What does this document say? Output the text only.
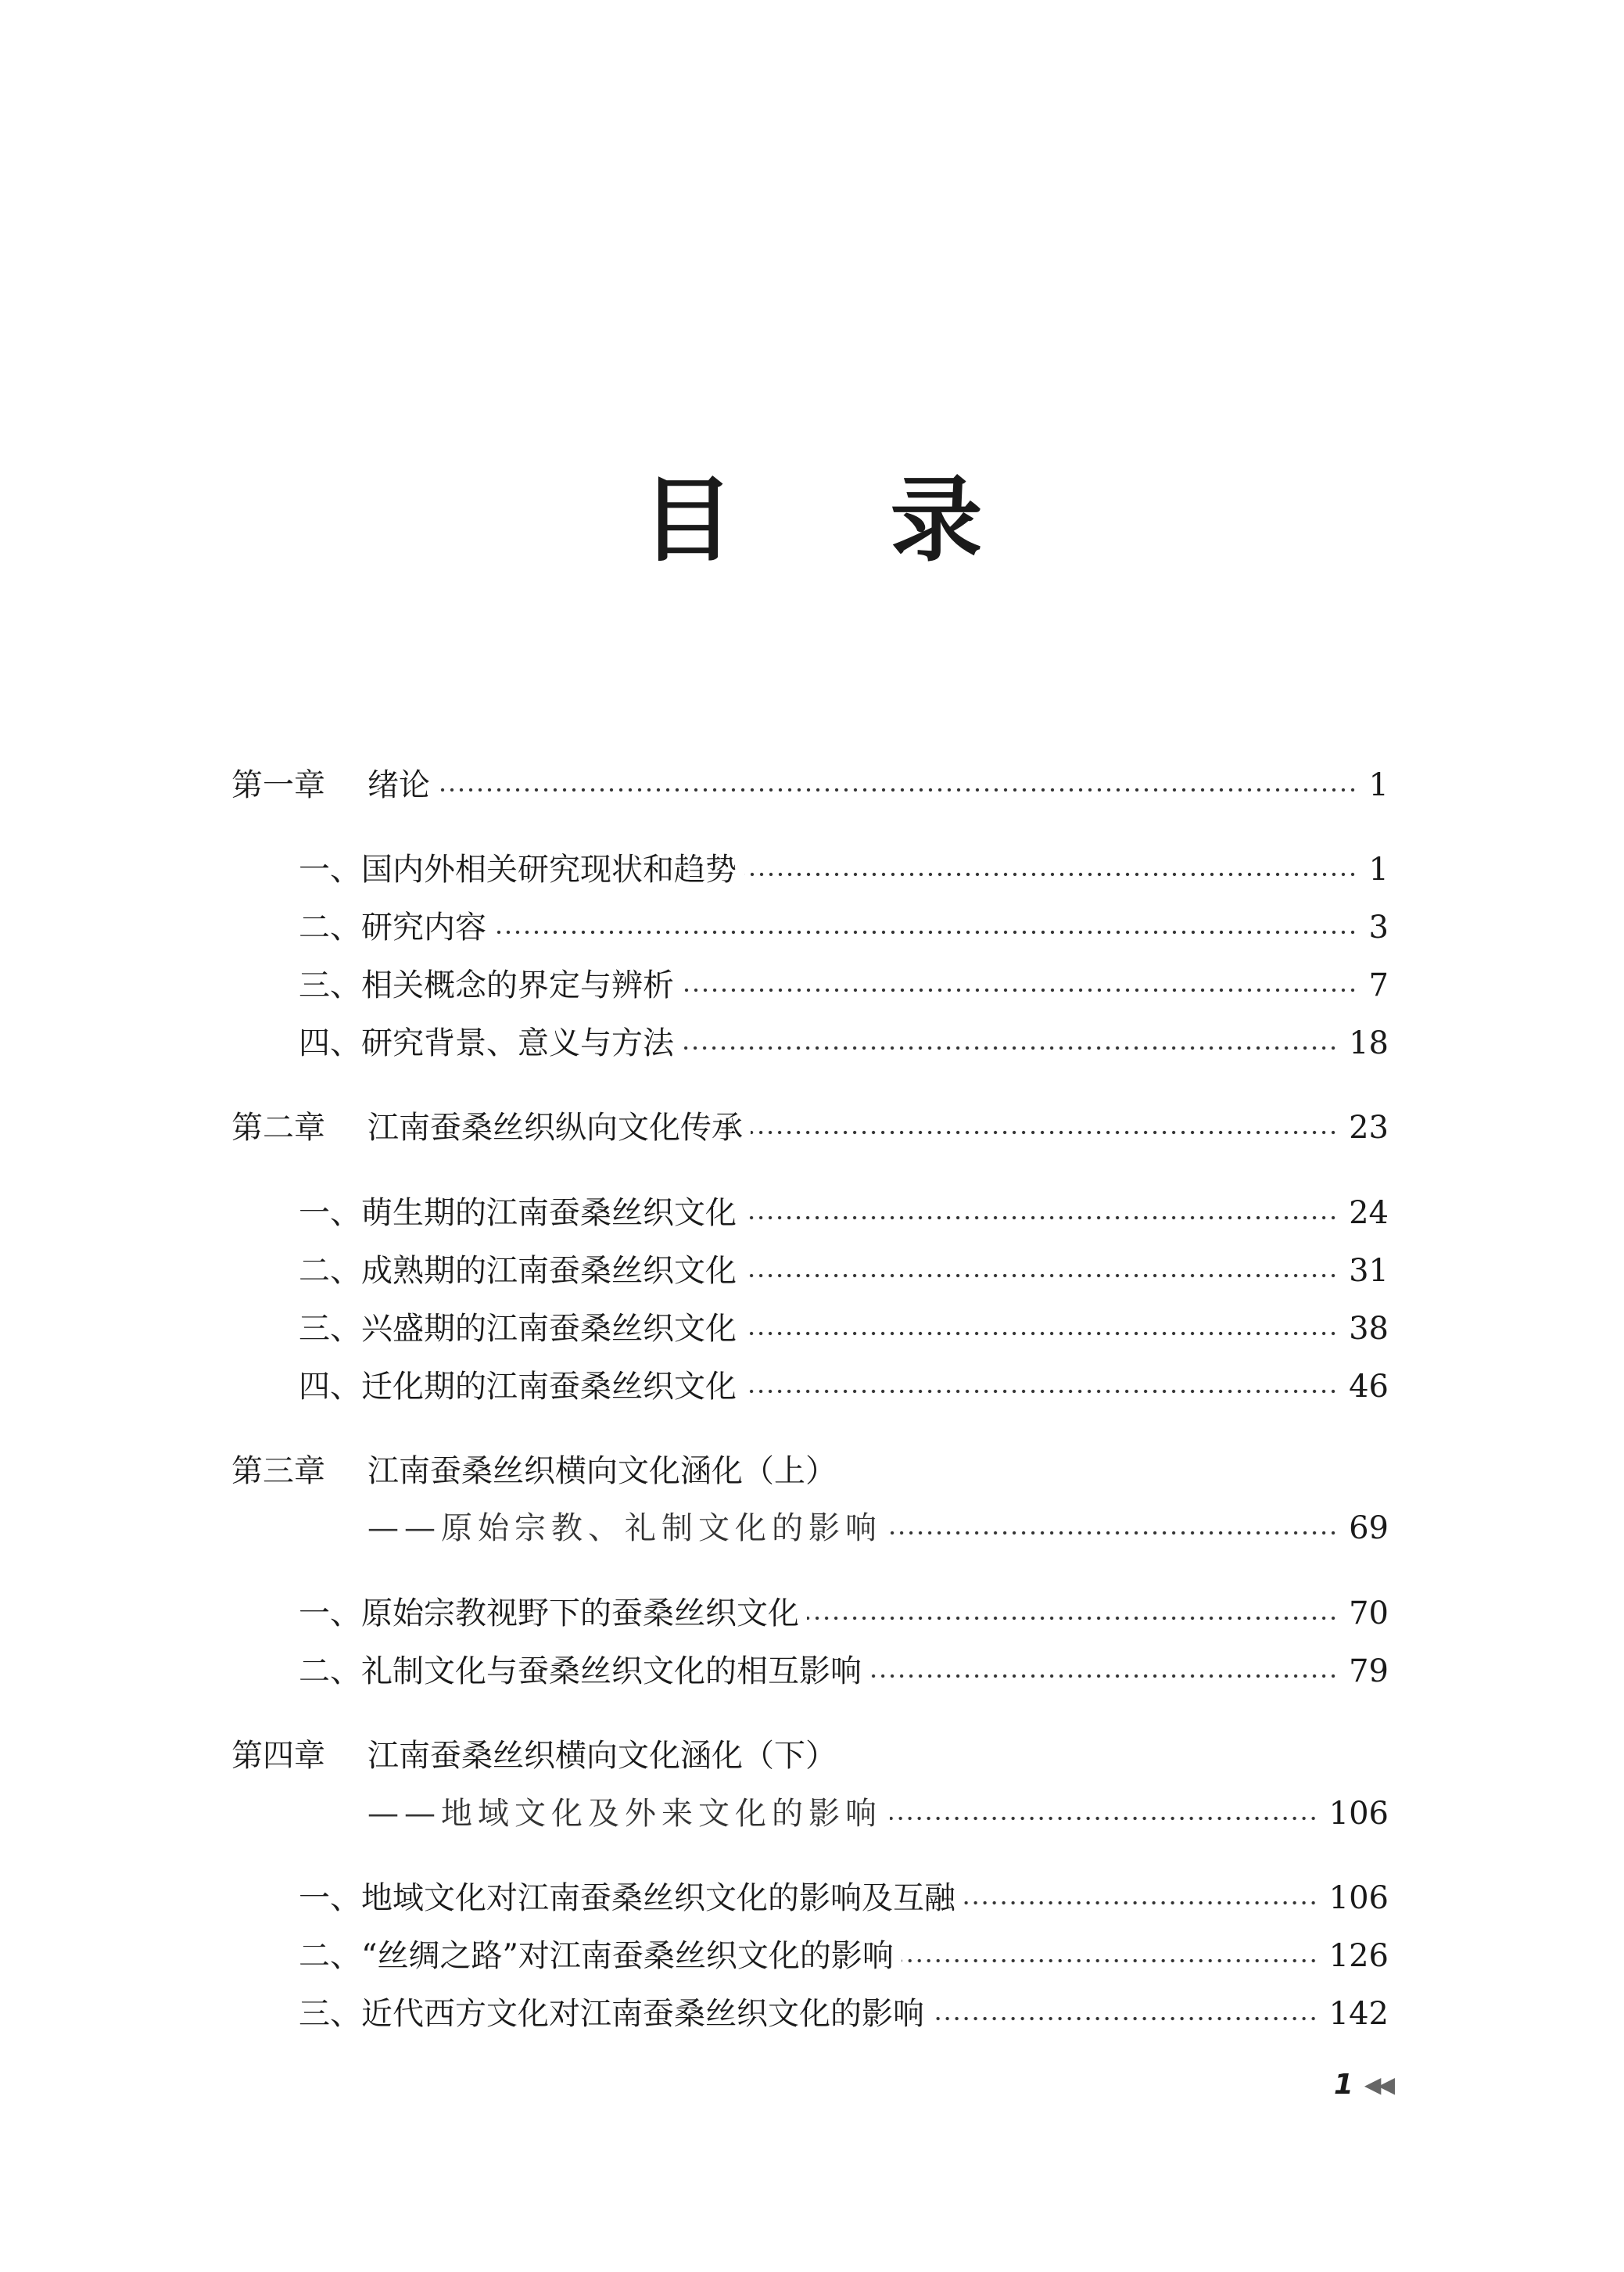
目 录
第一章 绪论	1
一、国内外相关研究现状和趋势	1
二、研究内容	3
三、相关概念的界定与辨析	7
四、研究背景、意义与方法	18
第二章 江南蚕桑丝织纵向文化传承	23
一、萌生期的江南蚕桑丝织文化	24
二、成熟期的江南蚕桑丝织文化	31
三、兴盛期的江南蚕桑丝织文化	38
四、迁化期的江南蚕桑丝织文化	46
第三章 江南蚕桑丝织横向文化涵化（上）
——原始宗教、礼制文化的影响	69
一、原始宗教视野下的蚕桑丝织文化	70
二、礼制文化与蚕桑丝织文化的相互影响	79
第四章 江南蚕桑丝织横向文化涵化（下）
——地域文化及外来文化的影响	106
一、地域文化对江南蚕桑丝织文化的影响及互融	106
二、“丝绸之路”对江南蚕桑丝织文化的影响	126
三、近代西方文化对江南蚕桑丝织文化的影响	142
1 ◀◀
